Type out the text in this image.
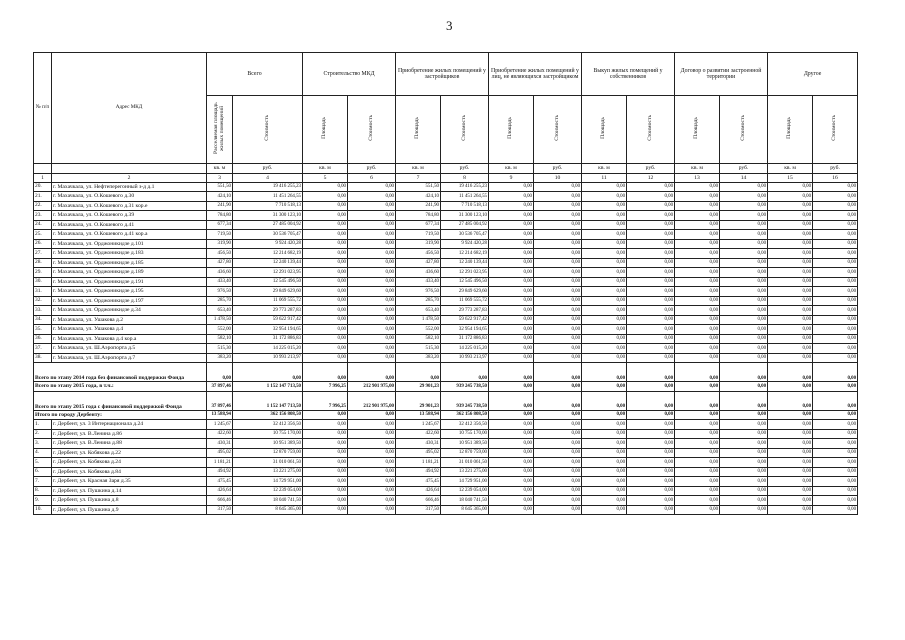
3
№ п/п	Адрес МКД	Всего		Строительство МКД		Приобретение жилых помещений у застройщиков		Приобретение жилых помещений у лиц, не являющихся застройщиком		Выкуп жилых помещений у собственников		Договор о развитии застроенной территории		Другое	
		Расселяемая площадь жилых помещений	Стоимость	Площадь	Стоимость	Площадь	Стоимость	Площадь	Стоимость	Площадь	Стоимость	Площадь	Стоимость	Площадь	Стоимость
		кв. м	руб.	кв. м	руб.	кв. м	руб.	кв. м	руб.	кв. м	руб.	кв. м	руб.	кв. м	руб.
1	2	3	4	5	6	7	8	9	10	11	12	13	14	15	16
20.	г. Махачкала, ул. Нефтеперегонный з-д д.1	551,50	19 416 255,23	0,00	0,00	551,50	19 416 255,23	0,00	0,00	0,00	0,00	0,00	0,00	0,00	0,00
21.	г. Махачкала, ул. О.Кошевого д.30	424,10	11 451 264,55	0,00	0,00	424,10	11 451 264,55	0,00	0,00	0,00	0,00	0,00	0,00	0,00	0,00
22.	г. Махачкала, ул. О.Кошевого д.31 кор.е	241,90	7 710 518,13	0,00	0,00	241,90	7 710 518,13	0,00	0,00	0,00	0,00	0,00	0,00	0,00	0,00
23.	г. Махачкала, ул. О.Кошевого д.39	784,80	31 300 123,10	0,00	0,00	784,80	31 300 123,10	0,00	0,00	0,00	0,00	0,00	0,00	0,00	0,00
24.	г. Махачкала, ул. О.Кошевого д.41	677,34	27 485 004,92	0,00	0,00	677,34	27 485 004,92	0,00	0,00	0,00	0,00	0,00	0,00	0,00	0,00
25.	г. Махачкала, ул. О.Кошевого д.41 кор.а	719,50	30 536 705,47	0,00	0,00	719,50	30 536 705,47	0,00	0,00	0,00	0,00	0,00	0,00	0,00	0,00
26.	г. Махачкала, ул. Орджоникидзе д.101	319,90	9 924 420,28	0,00	0,00	319,90	9 924 420,28	0,00	0,00	0,00	0,00	0,00	0,00	0,00	0,00
27.	г. Махачкала, ул. Орджоникидзе д.183	456,50	12 214 682,19	0,00	0,00	456,50	12 214 682,19	0,00	0,00	0,00	0,00	0,00	0,00	0,00	0,00
28.	г. Махачкала, ул. Орджоникидзе д.185	427,80	12 240 139,44	0,00	0,00	427,80	12 240 139,44	0,00	0,00	0,00	0,00	0,00	0,00	0,00	0,00
29.	г. Махачкала, ул. Орджоникидзе д.189	436,60	12 291 023,95	0,00	0,00	436,60	12 291 023,95	0,00	0,00	0,00	0,00	0,00	0,00	0,00	0,00
30.	г. Махачкала, ул. Орджоникидзе д.191	433,40	12 545 496,50	0,00	0,00	433,40	12 545 496,50	0,00	0,00	0,00	0,00	0,00	0,00	0,00	0,00
31.	г. Махачкала, ул. Орджоникидзе д.195	976,50	29 849 629,60	0,00	0,00	976,50	29 849 629,60	0,00	0,00	0,00	0,00	0,00	0,00	0,00	0,00
32.	г. Махачкала, ул. Орджоникидзе д.197	285,70	11 069 555,72	0,00	0,00	285,70	11 069 555,72	0,00	0,00	0,00	0,00	0,00	0,00	0,00	0,00
33.	г. Махачкала, ул. Орджоникидзе д.34	653,40	29 773 287,83	0,00	0,00	653,40	29 773 287,83	0,00	0,00	0,00	0,00	0,00	0,00	0,00	0,00
34.	г. Махачкала, ул. Ушакова д.2	1 478,50	59 622 917,42	0,00	0,00	1 478,50	59 622 917,42	0,00	0,00	0,00	0,00	0,00	0,00	0,00	0,00
35.	г. Махачкала, ул. Ушакова д.4	552,00	32 954 194,65	0,00	0,00	552,00	32 954 194,65	0,00	0,00	0,00	0,00	0,00	0,00	0,00	0,00
36.	г. Махачкала, ул. Ушакова д.4 кор.а	582,10	31 172 886,83	0,00	0,00	582,10	31 172 886,83	0,00	0,00	0,00	0,00	0,00	0,00	0,00	0,00
37.	г. Махачкала, ул. Ш.Аэропорта д.5	515,30	14 225 015,20	0,00	0,00	515,30	14 225 015,20	0,00	0,00	0,00	0,00	0,00	0,00	0,00	0,00
38.	г. Махачкала, ул. Ш.Аэропорта д.7	383,20	10 993 213,97	0,00	0,00	383,20	10 993 213,97	0,00	0,00	0,00	0,00	0,00	0,00	0,00	0,00
Всего по этапу 2014 года без финансовой поддержки Фонда		0,00	0,00	0,00	0,00	0,00	0,00	0,00	0,00	0,00	0,00	0,00	0,00	0,00	0,00
Всего по этапу 2015 года, в т.ч.:		37 897,46	1 152 147 713,50	7 996,25	212 901 975,00	29 901,23	939 245 738,50	0,00	0,00	0,00	0,00	0,00	0,00	0,00	0,00
Всего по этапу 2015 года с финансовой поддержкой Фонда		37 897,46	1 152 147 713,50	7 996,25	212 901 975,00	29 901,23	939 245 738,50	0,00	0,00	0,00	0,00	0,00	0,00	0,00	0,00
Итого по городу Дербенту:		13 588,94	362 156 808,50	0,00	0,00	13 588,94	362 156 808,50	0,00	0,00	0,00	0,00	0,00	0,00	0,00	0,00
1.	г. Дербент, ул. 3 Интернационала д.24	1 245,67	32 412 356,50	0,00	0,00	1 245,67	32 412 356,50	0,00	0,00	0,00	0,00	0,00	0,00	0,00	0,00
2.	г. Дербент, ул. В.Ленина д.86	422,60	10 755 170,00	0,00	0,00	422,60	10 755 170,00	0,00	0,00	0,00	0,00	0,00	0,00	0,00	0,00
3.	г. Дербент, ул. В.Ленина д.88	430,31	10 951 389,50	0,00	0,00	430,31	10 951 389,50	0,00	0,00	0,00	0,00	0,00	0,00	0,00	0,00
4.	г. Дербент, ул. Кобякова д.22	495,02	12 870 759,00	0,00	0,00	495,02	12 870 759,00	0,00	0,00	0,00	0,00	0,00	0,00	0,00	0,00
5.	г. Дербент, ул. Кобякова д.24	1 181,21	31 010 061,50	0,00	0,00	1 181,21	31 010 061,50	0,00	0,00	0,00	0,00	0,00	0,00	0,00	0,00
6.	г. Дербент, ул. Кобякова д.84	494,92	13 221 275,00	0,00	0,00	494,92	13 221 275,00	0,00	0,00	0,00	0,00	0,00	0,00	0,00	0,00
7.	г. Дербент, ул. Красная Заря д.35	475,45	14 729 951,00	0,00	0,00	475,45	14 729 951,00	0,00	0,00	0,00	0,00	0,00	0,00	0,00	0,00
8.	г. Дербент, ул. Пушкина д.14	426,64	12 239 054,00	0,00	0,00	426,64	12 239 054,00	0,00	0,00	0,00	0,00	0,00	0,00	0,00	0,00
9.	г. Дербент, ул. Пушкина д.8	666,46	18 040 741,50	0,00	0,00	666,46	18 040 741,50	0,00	0,00	0,00	0,00	0,00	0,00	0,00	0,00
10.	г. Дербент, ул. Пушкина д.9	317,50	8 645 365,00	0,00	0,00	317,50	8 645 365,00	0,00	0,00	0,00	0,00	0,00	0,00	0,00	0,00
